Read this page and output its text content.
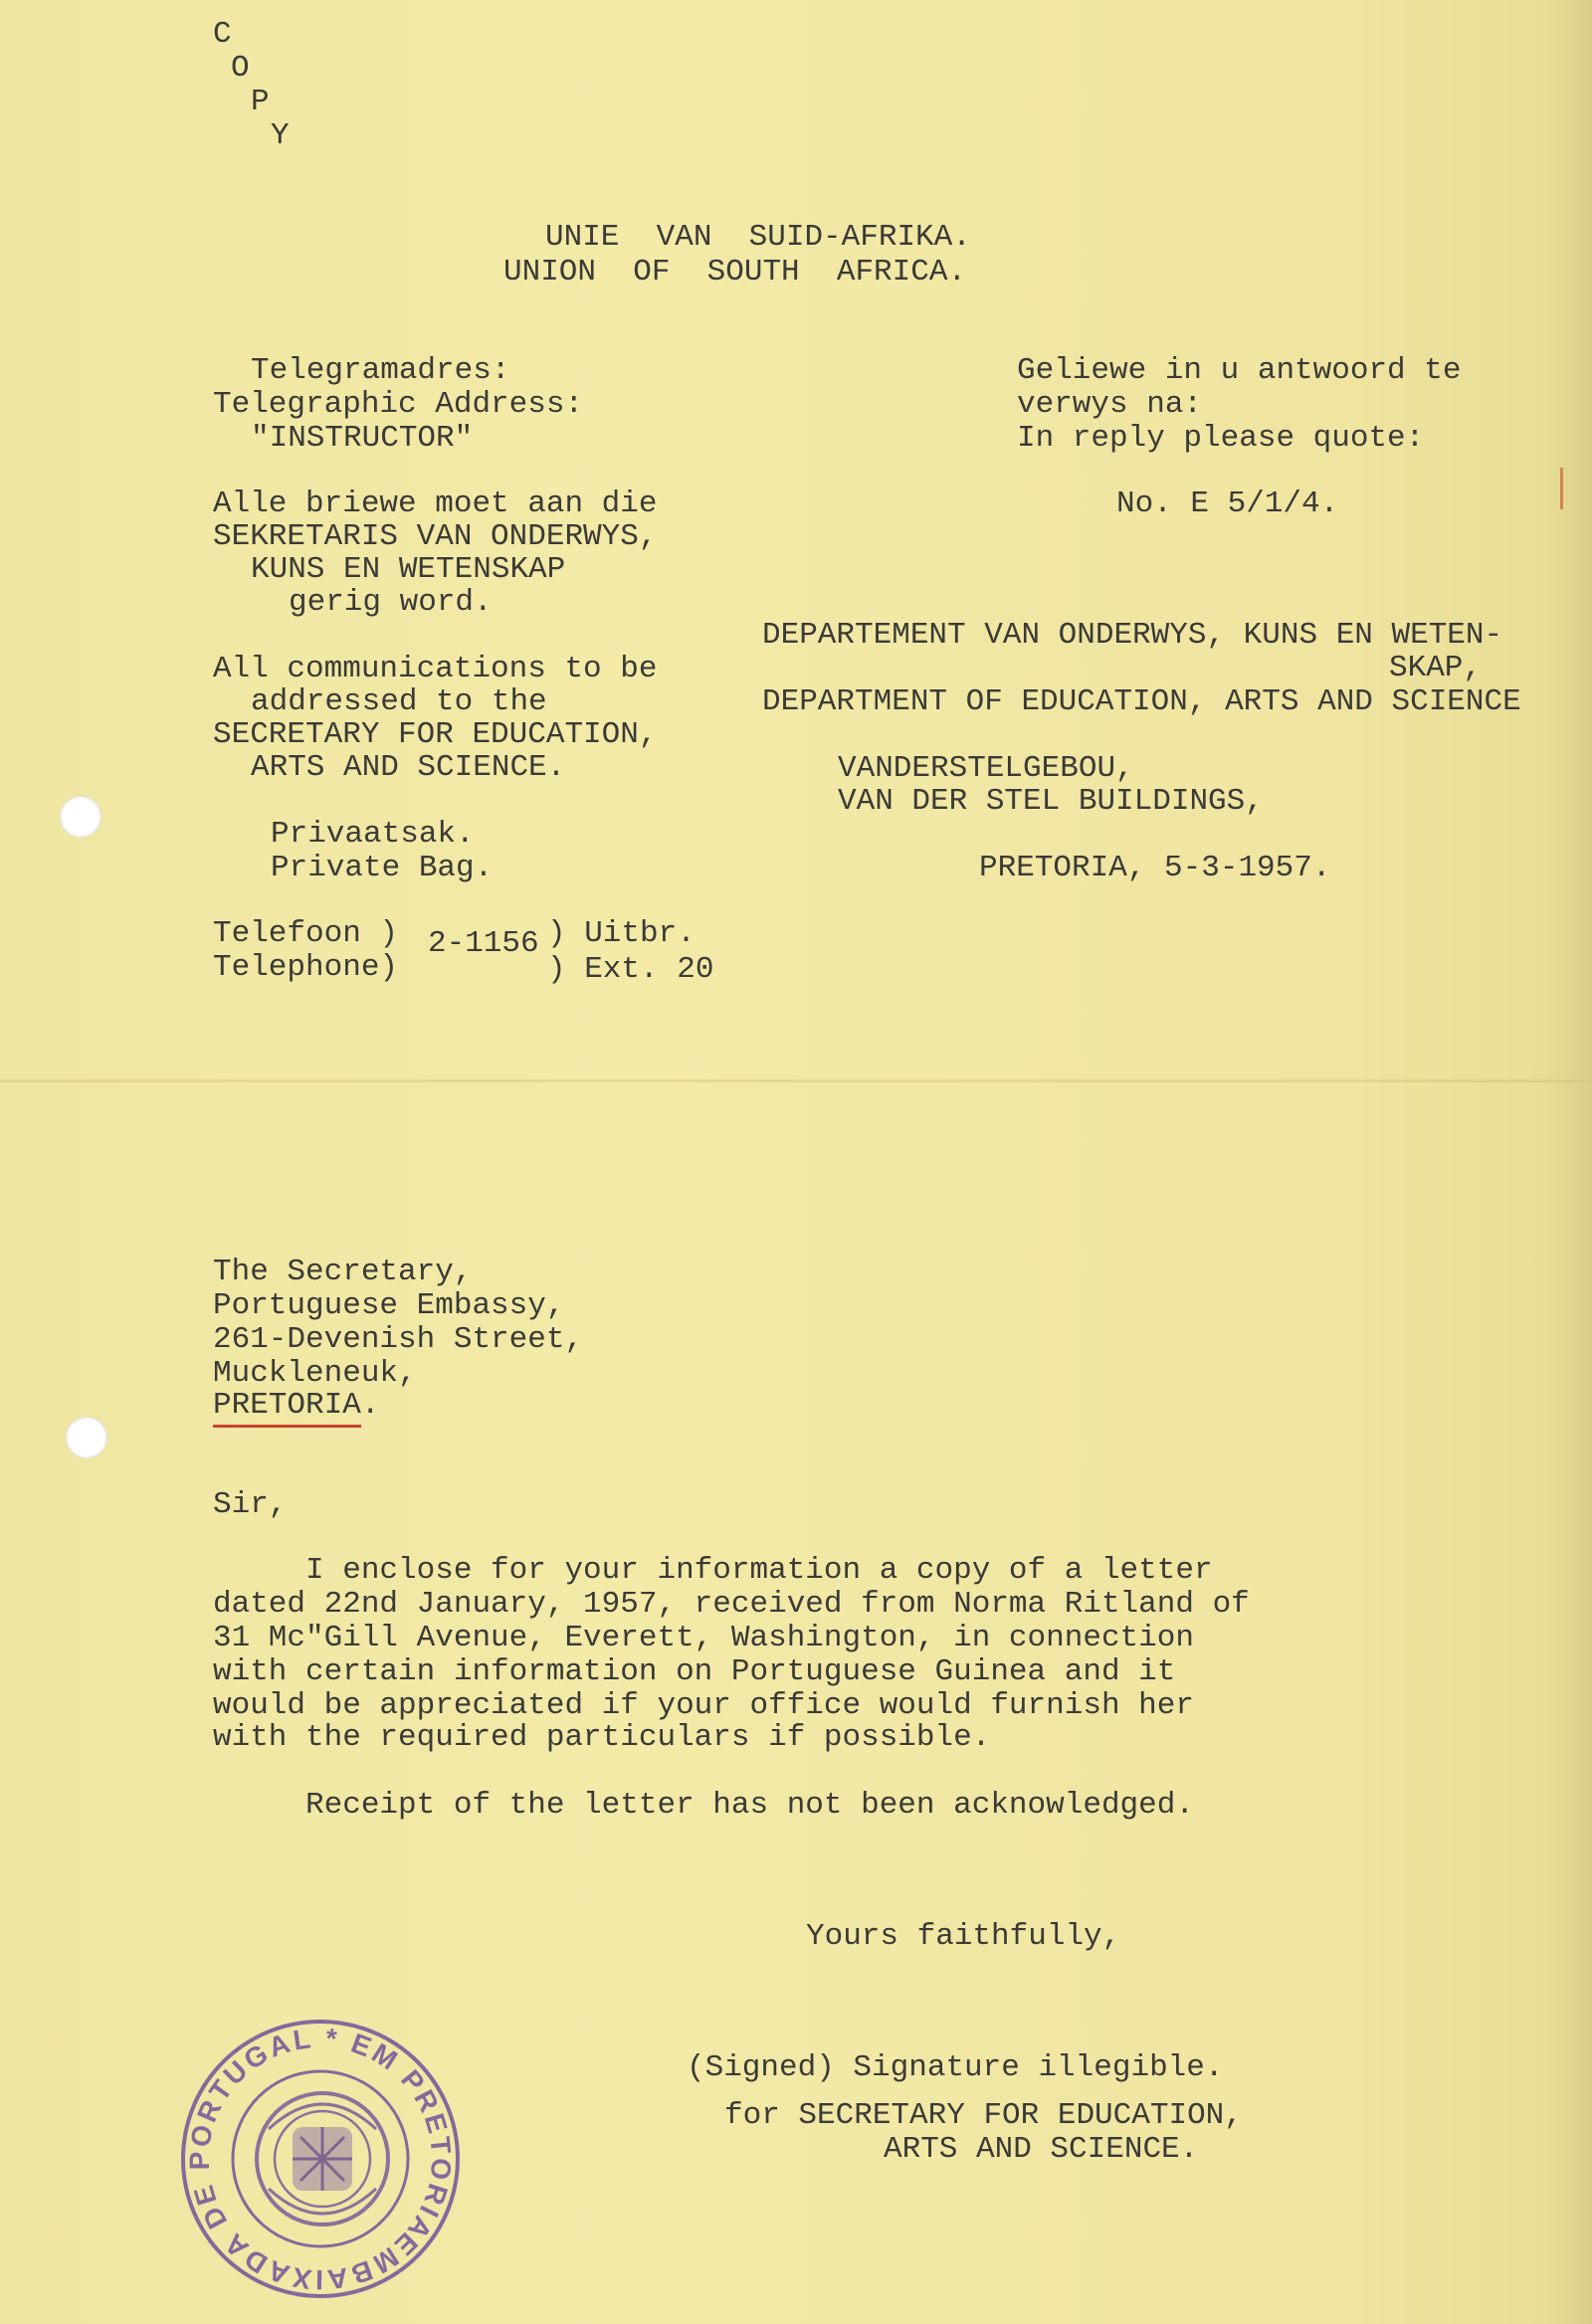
C
O
P
Y
UNIE  VAN  SUID-AFRIKA.
UNION  OF  SOUTH  AFRICA.
Telegramadres:
Telegraphic Address:
"INSTRUCTOR"
Alle briewe moet aan die
SEKRETARIS VAN ONDERWYS,
KUNS EN WETENSKAP
gerig word.
All communications to be
addressed to the
SECRETARY FOR EDUCATION,
ARTS AND SCIENCE.
Privaatsak.
Private Bag.
Telefoon )
Telephone)
2-1156 ) Uitbr.
) Ext. 20
Geliewe in u antwoord te
verwys na:
In reply please quote:
No. E 5/1/4.
DEPARTEMENT VAN ONDERWYS, KUNS EN WETEN-
SKAP,
DEPARTMENT OF EDUCATION, ARTS AND SCIENCE
VANDERSTELGEBOU,
VAN DER STEL BUILDINGS,
PRETORIA, 5-3-1957.
The Secretary,
Portuguese Embassy,
261-Devenish Street,
Muckleneuk,
PRETORIA.
Sir,
I enclose for your information a copy of a letter
dated 22nd January, 1957, received from Norma Ritland of
31 Mc"Gill Avenue, Everett, Washington, in connection
with certain information on Portuguese Guinea and it
would be appreciated if your office would furnish her
with the required particulars if possible.
Receipt of the letter has not been acknowledged.
Yours faithfully,
(Signed) Signature illegible.
for SECRETARY FOR EDUCATION,
ARTS AND SCIENCE.
EMBAIXADA DE PORTUGAL * EM PRETORIA
